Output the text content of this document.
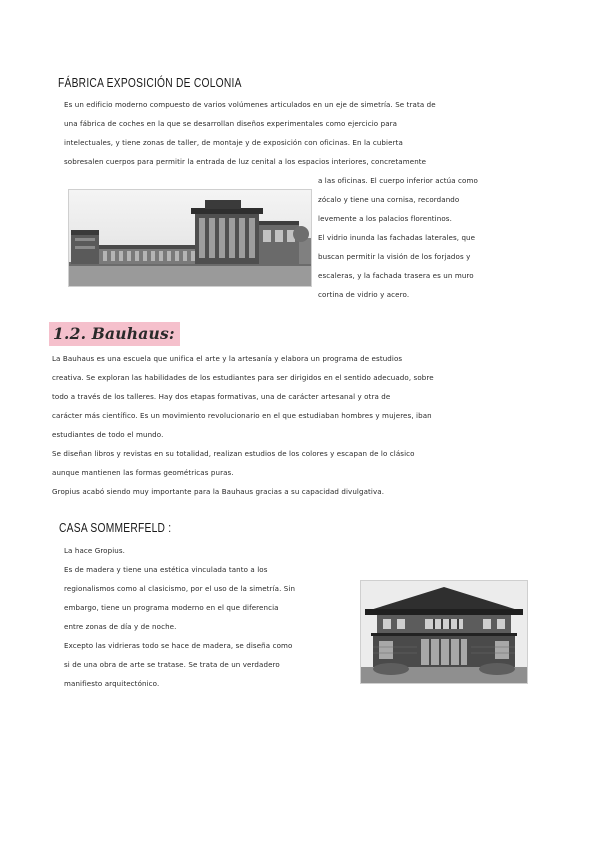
FÁBRICA EXPOSICIÓN DE COLONIA
Es un edificio moderno compuesto de varios volúmenes articulados en un eje de simetría. Se trata de
una fábrica de coches en la que se desarrollan diseños experimentales como ejercicio para
intelectuales, y tiene zonas de taller, de montaje y de exposición con oficinas. En la cubierta
sobresalen cuerpos para permitir la entrada de luz cenital a los espacios interiores, concretamente
a las oficinas. El cuerpo inferior actúa como
zócalo y tiene una cornisa, recordando
levemente a los palacios florentinos.
El vidrio inunda las fachadas laterales, que
buscan permitir la visión de los forjados y
escaleras, y la fachada trasera es un muro
cortina de vidrio y acero.
1.2. Bauhaus:
La Bauhaus es una escuela que unifica el arte y la artesanía y elabora un programa de estudios
creativa. Se exploran las habilidades de los estudiantes para ser dirigidos en el sentido adecuado, sobre
todo a través de los talleres. Hay dos etapas formativas, una de carácter artesanal y otra de
carácter más científico. Es un movimiento revolucionario en el que estudiaban hombres y mujeres, iban
estudiantes de todo el mundo.
Se diseñan libros y revistas en su totalidad, realizan estudios de los colores y escapan de lo clásico
aunque mantienen las formas geométricas puras.
Gropius acabó siendo muy importante para la Bauhaus gracias a su capacidad divulgativa.
CASA SOMMERFELD :
La hace Gropius.
Es de madera y tiene una estética vinculada tanto a los
regionalismos como al clasicismo, por el uso de la simetría. Sin
embargo, tiene un programa moderno en el que diferencia
entre zonas de día y de noche.
Excepto las vidrieras todo se hace de madera, se diseña como
si de una obra de arte se tratase. Se trata de un verdadero
manifiesto arquitectónico.
